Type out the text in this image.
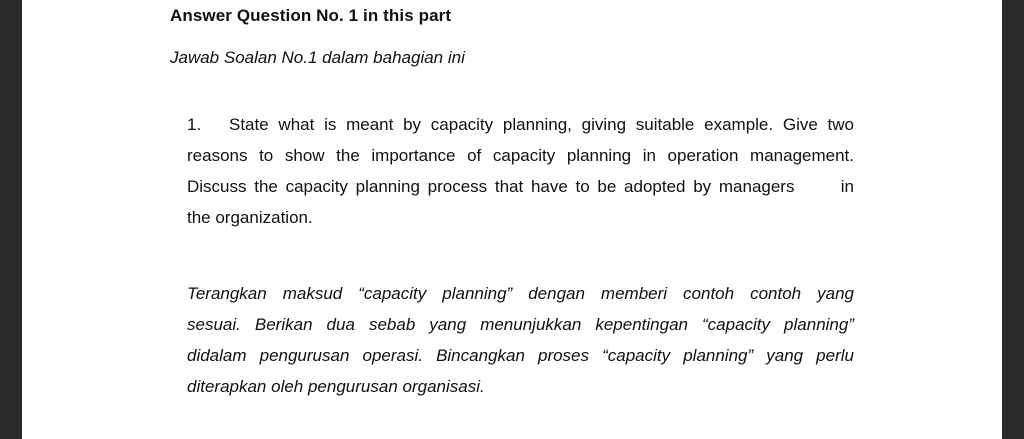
Answer Question No. 1 in this part
Jawab Soalan No.1 dalam bahagian ini
1. State what is meant by capacity planning, giving suitable example. Give two
reasons to show the importance of capacity planning in operation management.
Discuss the capacity planning process that have to be adopted by managers      in
the organization.
Terangkan maksud “capacity planning” dengan memberi contoh contoh yang
sesuai. Berikan dua sebab yang menunjukkan kepentingan “capacity planning”
didalam pengurusan operasi. Bincangkan proses “capacity planning” yang perlu
diterapkan oleh pengurusan organisasi.
